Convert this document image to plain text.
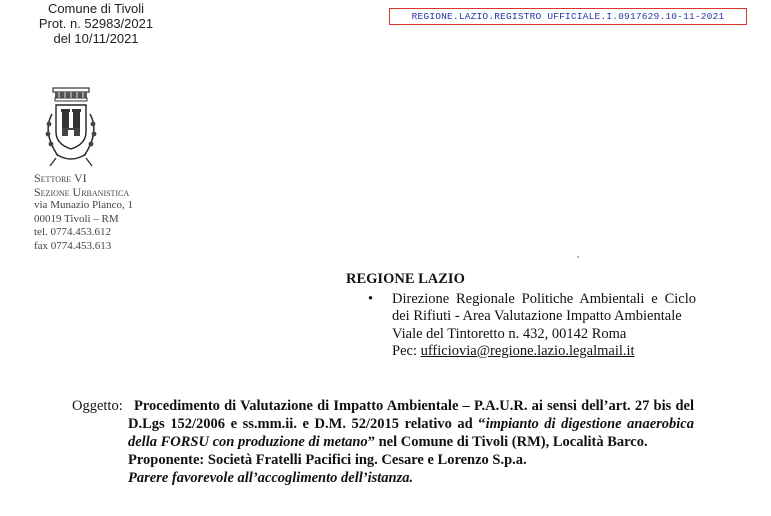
Comune di Tivoli
Prot. n. 52983/2021
del 10/11/2021
REGIONE.LAZIO.REGISTRO UFFICIALE.I.0917629.10-11-2021
Settore VI
Sezione Urbanistica
via Munazio Planco, 1
00019 Tivoli – RM
tel. 0774.453.612
fax 0774.453.613
REGIONE LAZIO
• Direzione Regionale Politiche Ambientali e Ciclo dei Rifiuti - Area Valutazione Impatto Ambientale
Viale del Tintoretto n. 432, 00142 Roma
Pec: ufficiovia@regione.lazio.legalmail.it
Oggetto: Procedimento di Valutazione di Impatto Ambientale – P.A.U.R. ai sensi dell’art. 27 bis del D.Lgs 152/2006 e ss.mm.ii. e D.M. 52/2015 relativo ad “impianto di digestione anaerobica della FORSU con produzione di metano” nel Comune di Tivoli (RM), Località Barco.
Proponente: Società Fratelli Pacifici ing. Cesare e Lorenzo S.p.a.
Parere favorevole all’accoglimento dell’istanza.
